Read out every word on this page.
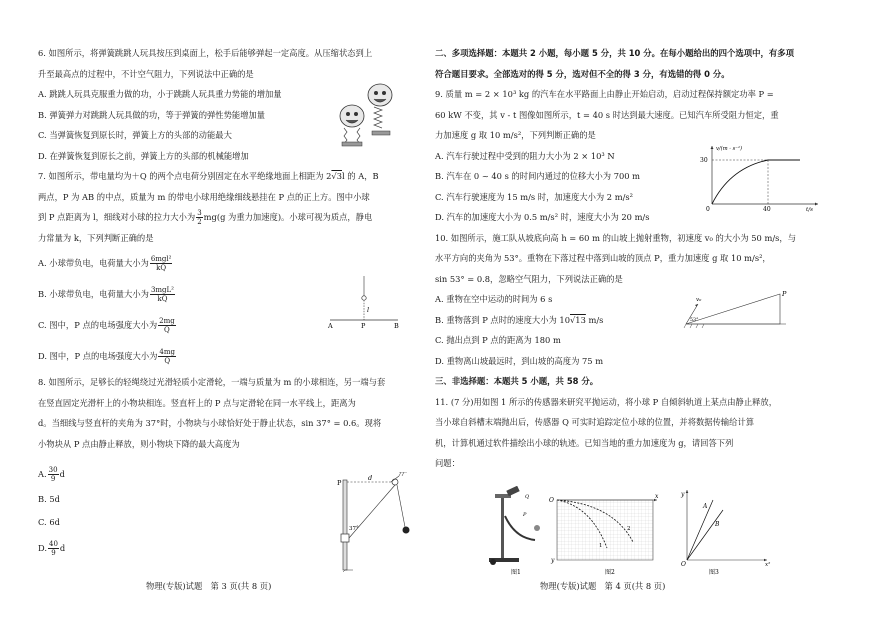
6. 如图所示，将弹簧跳跳人玩具按压到桌面上，松手后能够弹起一定高度。从压缩状态到上
升至最高点的过程中，不计空气阻力，下列说法中正确的是
A. 跳跳人玩具克服重力做的功，小于跳跳人玩具重力势能的增加量
B. 弹簧弹力对跳跳人玩具做的功，等于弹簧的弹性势能增加量
C. 当弹簧恢复到原长时，弹簧上方的头部的动能最大
D. 在弹簧恢复到原长之前，弹簧上方的头部的机械能增加
7. 如图所示，带电量均为＋Q 的两个点电荷分别固定在水平绝缘地面上相距为 2√3l 的 A，B
两点，P 为 AB 的中点，质量为 m 的带电小球用绝缘细线悬挂在 P 点的正上方。图中小球
到 P 点距离为 l，细线对小球的拉力大小为 $\frac{3}{2} mg(g$ 为重力加速度)。小球可视为质点，静电
力常量为 k，下列判断正确的是
A. 小球带负电，电荷量大小为 $\frac{\text{6mgl²}}{kQ}$
B. 小球带负电，电荷量大小为 $\frac{\text{3mgL²}}{kQ}$
C. 图中，P 点的电场强度大小为 $\frac{2mg}{Q}$
D. 图中，P 点的电场强度大小为 $\frac{4mg}{Q}$
8. 如图所示，足够长的轻绳绕过光滑轻质小定滑轮，一端与质量为 m 的小球相连，另一端与套
在竖直固定光滑杆上的小物块相连。竖直杆上的 P 点与定滑轮在同一水平线上，距离为
d。当细线与竖直杆的夹角为 37°时，小物块与小球恰好处于静止状态，sin 37° = 0.6。现将
小物块从 P 点由静止释放，则小物块下降的最大高度为
A. $\frac{30}{9}$ d
B. 5d
C. 6d
D. $\frac{40}{9}$ d
l
A	P	B
P
d
37°
物理(专版)试题　第 3 页(共 8 页)
二、多项选择题：本题共 2 小题，每小题 5 分，共 10 分。在每小题给出的四个选项中，有多项
符合题目要求。全部选对的得 5 分，选对但不全的得 3 分，有选错的得 0 分。
9. 质量 m = 2 × 10³ kg 的汽车在水平路面上由静止开始启动，启动过程保持额定功率 P =
60 kW 不变，其 v - t 图像如图所示，t = 40 s 时达到最大速度。已知汽车所受阻力恒定，重
力加速度 g 取 10 m/s²，下列判断正确的是
A. 汽车行驶过程中受到的阻力大小为 2 × 10³ N
B. 汽车在 0 ~ 40 s 的时间内通过的位移大小为 700 m
C. 汽车行驶速度为 15 m/s 时，加速度大小为 2 m/s²
D. 汽车的加速度大小为 0.5 m/s² 时，速度大小为 20 m/s
10. 如图所示，施工队从坡底向高 h = 60 m 的山坡上抛射重物，初速度 v₀ 的大小为 50 m/s，与
水平方向的夹角为 53°。重物在下落过程中落到山坡的顶点 P，重力加速度 g 取 10 m/s²，
sin 53° = 0.8，忽略空气阻力，下列说法正确的是
A. 重物在空中运动的时间为 6 s
B. 重物落到 P 点时的速度大小为 10√13 m/s
C. 抛出点到 P 点的距离为 180 m
D. 重物离山坡最远时，到山坡的高度为 75 m
三、非选择题：本题共 5 小题，共 58 分。
11. (7 分)用如图 1 所示的传感器来研究平抛运动，将小球 P 自倾斜轨道上某点由静止释放，
当小球自斜槽末端抛出后，传感器 Q 可实时追踪定位小球的位置，并将数据传输给计算
机，计算机通过软件描绘出小球的轨迹。已知当地的重力加速度为 g，请回答下列
问题：
v/(m · s⁻¹)
30
0	40	t/s
v₀
53°
P
图1
Q
P
O
x
y
1
2
图2
y
O	x²
A
B
图3
物理(专版)试题　第 4 页(共 8 页)
